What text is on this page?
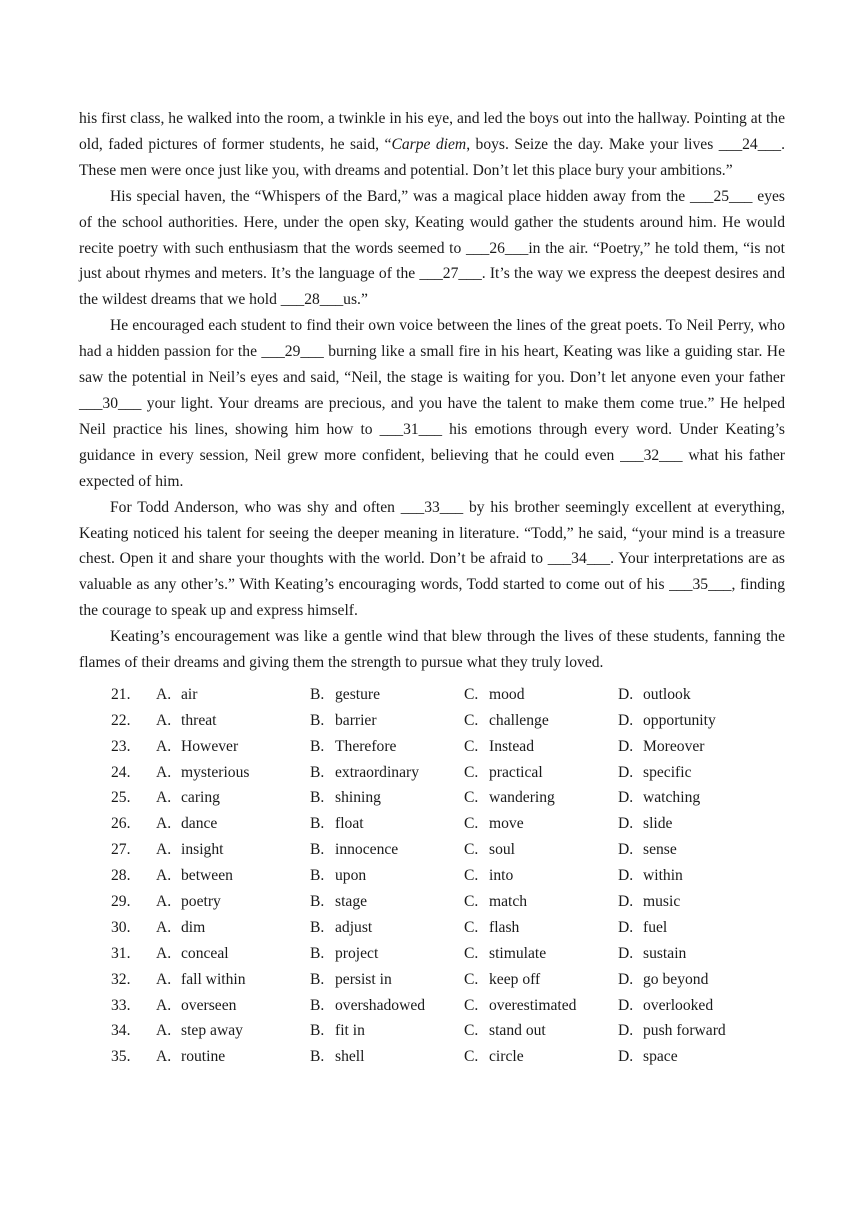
his first class, he walked into the room, a twinkle in his eye, and led the boys out into the hallway. Pointing at the old, faded pictures of former students, he said, “Carpe diem, boys. Seize the day. Make your lives ___24___. These men were once just like you, with dreams and potential. Don’t let this place bury your ambitions.”

His special haven, the “Whispers of the Bard,” was a magical place hidden away from the ___25___ eyes of the school authorities. Here, under the open sky, Keating would gather the students around him. He would recite poetry with such enthusiasm that the words seemed to ___26___in the air. “Poetry,” he told them, “is not just about rhymes and meters. It’s the language of the ___27___. It’s the way we express the deepest desires and the wildest dreams that we hold ___28___us.”

He encouraged each student to find their own voice between the lines of the great poets. To Neil Perry, who had a hidden passion for the ___29___ burning like a small fire in his heart, Keating was like a guiding star. He saw the potential in Neil’s eyes and said, “Neil, the stage is waiting for you. Don’t let anyone even your father ___30___ your light. Your dreams are precious, and you have the talent to make them come true.” He helped Neil practice his lines, showing him how to ___31___ his emotions through every word. Under Keating’s guidance in every session, Neil grew more confident, believing that he could even ___32___ what his father expected of him.

For Todd Anderson, who was shy and often ___33___ by his brother seemingly excellent at everything, Keating noticed his talent for seeing the deeper meaning in literature. “Todd,” he said, “your mind is a treasure chest. Open it and share your thoughts with the world. Don’t be afraid to ___34___. Your interpretations are as valuable as any other’s.” With Keating’s encouraging words, Todd started to come out of his ___35___, finding the courage to speak up and express himself.

Keating’s encouragement was like a gentle wind that blew through the lives of these students, fanning the flames of their dreams and giving them the strength to pursue what they truly loved.

21.	A. air	B. gesture	C. mood	D. outlook
22.	A. threat	B. barrier	C. challenge	D. opportunity
23.	A. However	B. Therefore	C. Instead	D. Moreover
24.	A. mysterious	B. extraordinary	C. practical	D. specific
25.	A. caring	B. shining	C. wandering	D. watching
26.	A. dance	B. float	C. move	D. slide
27.	A. insight	B. innocence	C. soul	D. sense
28.	A. between	B. upon	C. into	D. within
29.	A. poetry	B. stage	C. match	D. music
30.	A. dim	B. adjust	C. flash	D. fuel
31.	A. conceal	B. project	C. stimulate	D. sustain
32.	A. fall within	B. persist in	C. keep off	D. go beyond
33.	A. overseen	B. overshadowed C. overestimated	D. overlooked
34.	A. step away	B. fit in	C. stand out	D. push forward
35.	A. routine	B. shell	C. circle	D. space
